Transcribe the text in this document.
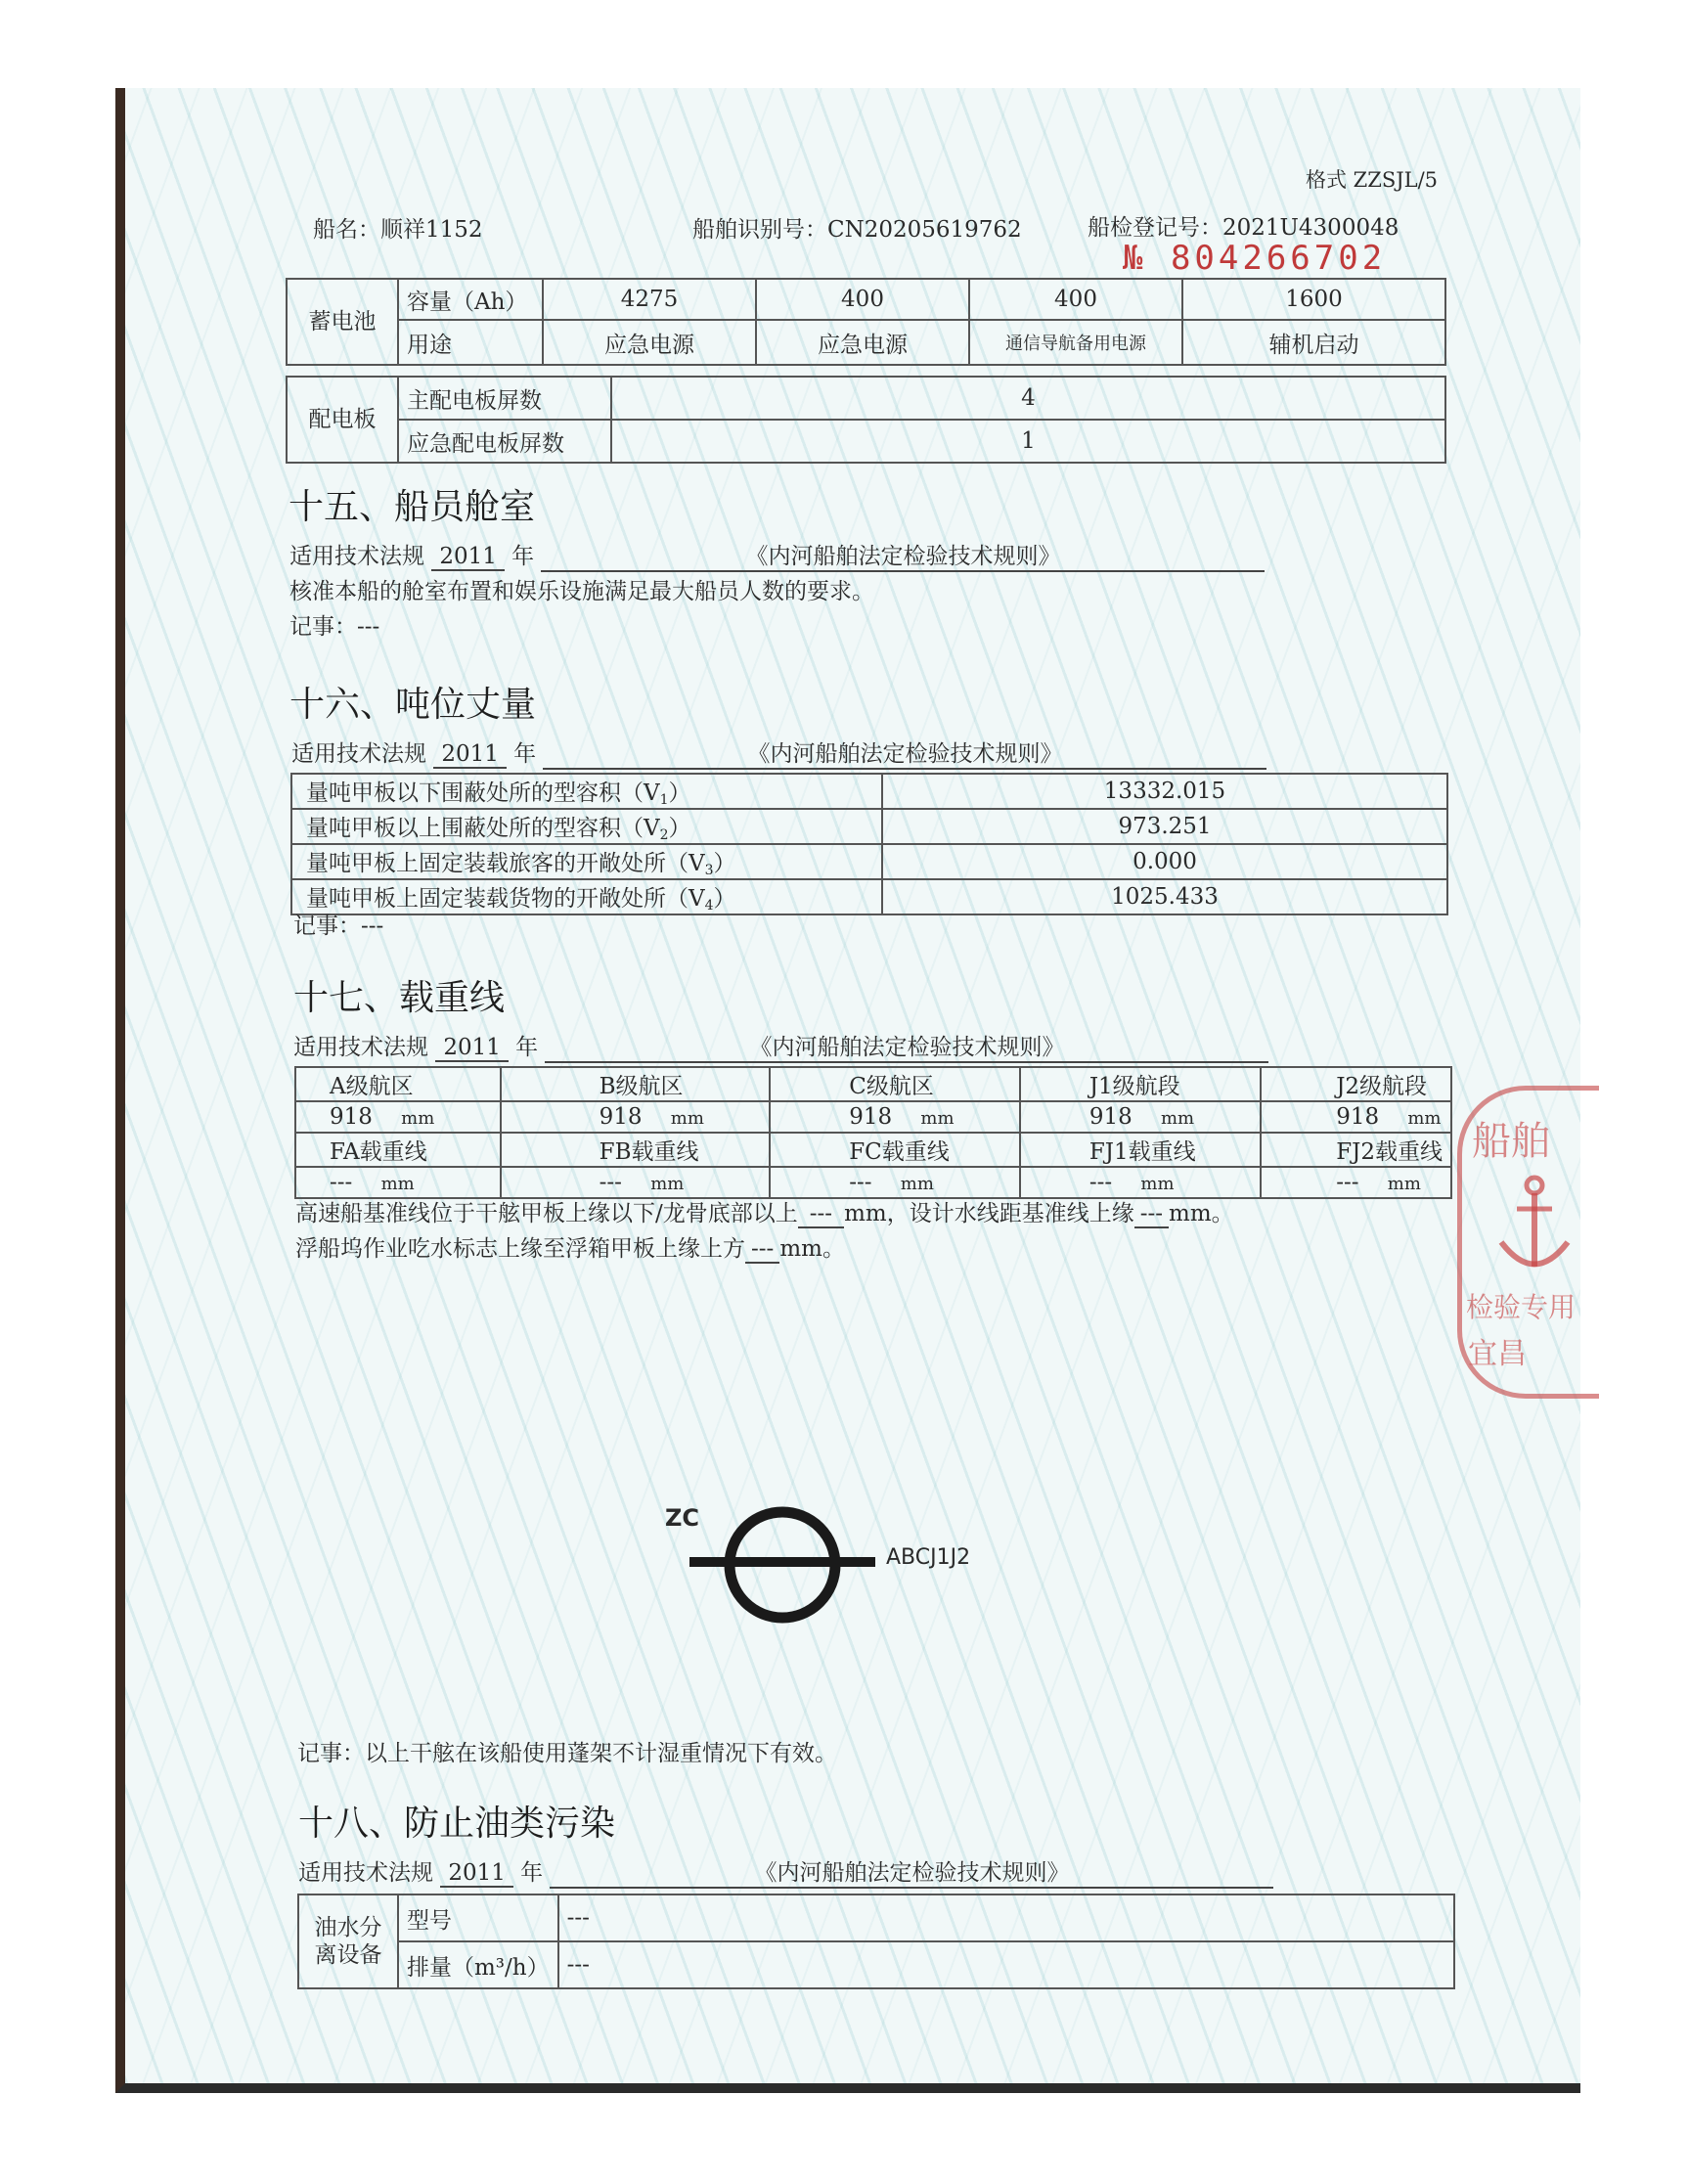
格式 ZZSJL/5
船名：顺祥1152	船舶识别号：CN20205619762	船检登记号：2021U4300048
№ 804266702
蓄电池	容量（Ah）	4275	400	400	1600
	用途	应急电源	应急电源	通信导航备用电源	辅机启动
配电板	主配电板屏数	4
	应急配电板屏数	1
十五、船员舱室
适用技术法规 2011 年	《内河船舶法定检验技术规则》
核准本船的舱室布置和娱乐设施满足最大船员人数的要求。
记事：---
十六、吨位丈量
适用技术法规 2011 年	《内河船舶法定检验技术规则》
量吨甲板以下围蔽处所的型容积$(V_1)$	13332.015
量吨甲板以上围蔽处所的型容积$(V_2)$	973.251
量吨甲板上固定装载旅客的开敞处所$(V_3)$	0.000
量吨甲板上固定装载货物的开敞处所$(V_4)$	1025.433
记事：---
十七、载重线
适用技术法规 2011 年	《内河船舶法定检验技术规则》
A级航区	B级航区	C级航区	J1级航段	J2级航段
918 mm	918 mm	918 mm	918 mm	918 mm
FA载重线	FB载重线	FC载重线	FJ1载重线	FJ2载重线
--- mm	--- mm	--- mm	--- mm	--- mm
高速船基准线位于干舷甲板上缘以下/龙骨底部以上 --- mm，设计水线距基准线上缘 --- mm。
浮船坞作业吃水标志上缘至浮箱甲板上缘上方 --- mm。
ZC
ABCJ1J2
记事：以上干舷在该船使用蓬架不计湿重情况下有效。
十八、防止油类污染
适用技术法规 2011 年	《内河船舶法定检验技术规则》
油水分离设备	型号	---
	排量（m³/h）	---
船舶
检验专用
宜昌
